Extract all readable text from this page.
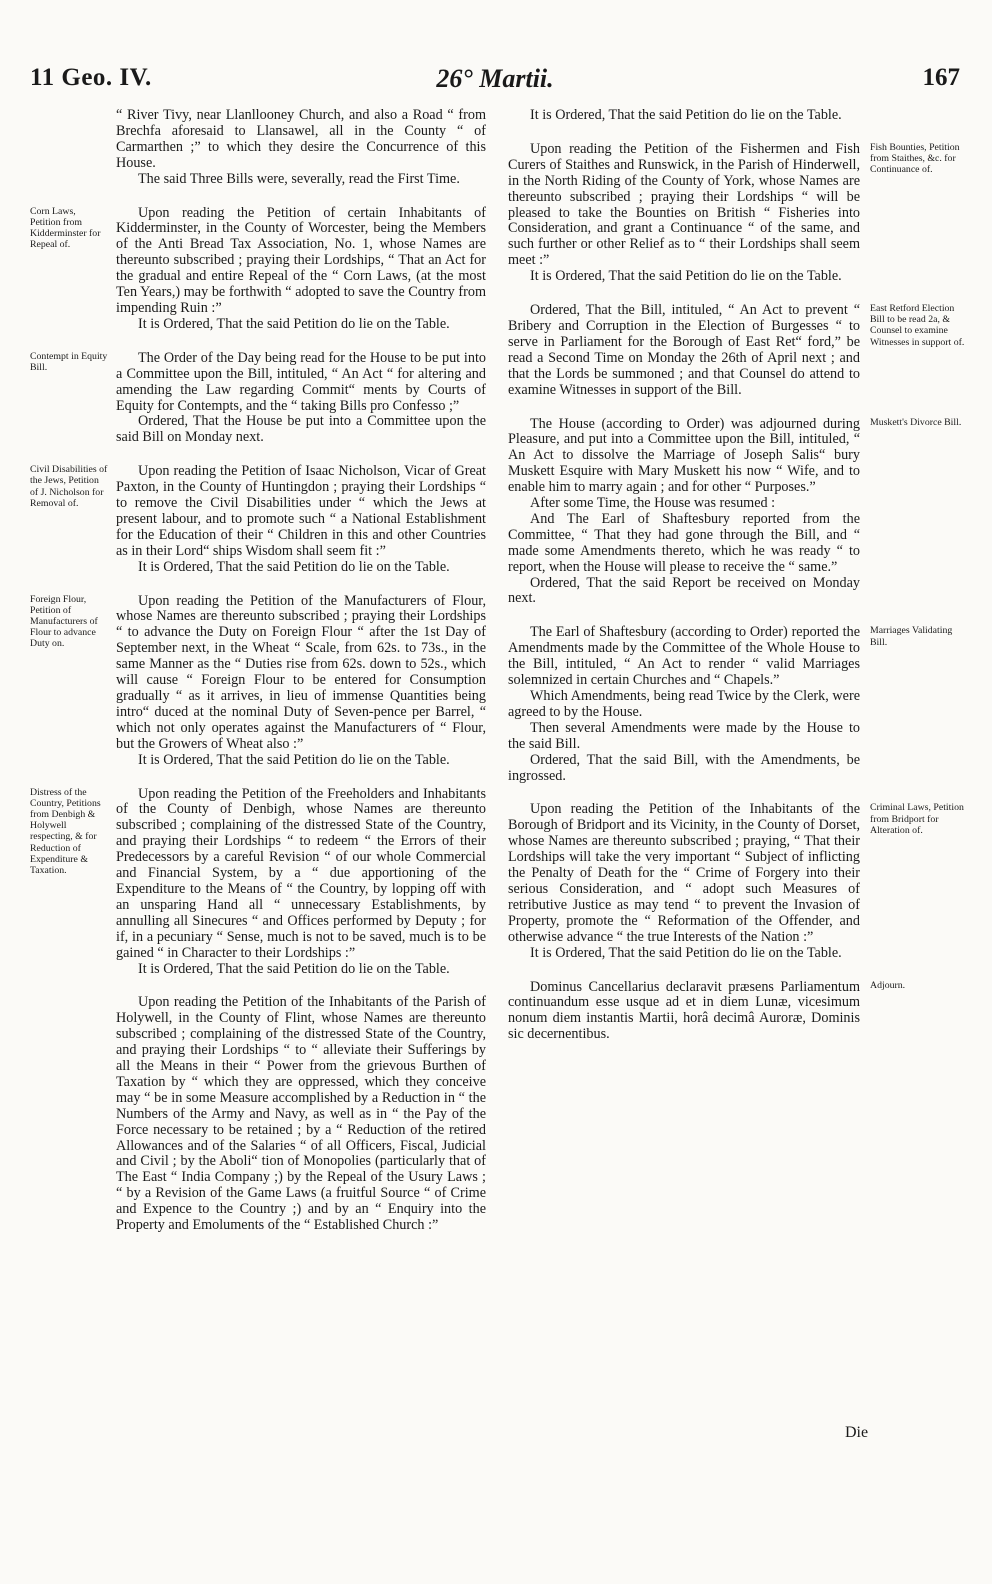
11 Geo. IV.	26° Martii.	167

“ River Tivy, near Llanllooney Church, and also a Road “ from Brechfa aforesaid to Llansawel, all in the County “ of Carmarthen ;” to which they desire the Concurrence of this House.

The said Three Bills were, severally, read the First Time.

Corn Laws, Petition from Kidderminster for Repeal of.

Upon reading the Petition of certain Inhabitants of Kidderminster, in the County of Worcester, being the Members of the Anti Bread Tax Association, No. 1, whose Names are thereunto subscribed ; praying their Lordships, “ That an Act for the gradual and entire Repeal of the “ Corn Laws, (at the most Ten Years,) may be forthwith “ adopted to save the Country from impending Ruin :”

It is Ordered, That the said Petition do lie on the Table.

Contempt in Equity Bill.

The Order of the Day being read for the House to be put into a Committee upon the Bill, intituled, “ An Act “ for altering and amending the Law regarding Commit“ ments by Courts of Equity for Contempts, and the “ taking Bills pro Confesso ;”

Ordered, That the House be put into a Committee upon the said Bill on Monday next.

Civil Disabilities of the Jews, Petition of J. Nicholson for Removal of.

Upon reading the Petition of Isaac Nicholson, Vicar of Great Paxton, in the County of Huntingdon ; praying their Lordships “ to remove the Civil Disabilities under “ which the Jews at present labour, and to promote such “ a National Establishment for the Education of their “ Children in this and other Countries as in their Lord“ ships Wisdom shall seem fit :”

It is Ordered, That the said Petition do lie on the Table.

Foreign Flour, Petition of Manufacturers of Flour to advance Duty on.

Upon reading the Petition of the Manufacturers of Flour, whose Names are thereunto subscribed ; praying their Lordships “ to advance the Duty on Foreign Flour “ after the 1st Day of September next, in the Wheat “ Scale, from 62s. to 73s., in the same Manner as the “ Duties rise from 62s. down to 52s., which will cause “ Foreign Flour to be entered for Consumption gradually “ as it arrives, in lieu of immense Quantities being intro“ duced at the nominal Duty of Seven-pence per Barrel, “ which not only operates against the Manufacturers of “ Flour, but the Growers of Wheat also :”

It is Ordered, That the said Petition do lie on the Table.

Distress of the Country, Petitions from Denbigh & Holywell respecting, & for Reduction of Expenditure & Taxation.

Upon reading the Petition of the Freeholders and Inhabitants of the County of Denbigh, whose Names are thereunto subscribed ; complaining of the distressed State of the Country, and praying their Lordships “ to redeem “ the Errors of their Predecessors by a careful Revision “ of our whole Commercial and Financial System, by a “ due apportioning of the Expenditure to the Means of “ the Country, by lopping off with an unsparing Hand all “ unnecessary Establishments, by annulling all Sinecures “ and Offices performed by Deputy ; for if, in a pecuniary “ Sense, much is not to be saved, much is to be gained “ in Character to their Lordships :”

It is Ordered, That the said Petition do lie on the Table.

Upon reading the Petition of the Inhabitants of the Parish of Holywell, in the County of Flint, whose Names are thereunto subscribed ; complaining of the distressed State of the Country, and praying their Lordships “ to “ alleviate their Sufferings by all the Means in their “ Power from the grievous Burthen of Taxation by “ which they are oppressed, which they conceive may “ be in some Measure accomplished by a Reduction in “ the Numbers of the Army and Navy, as well as in “ the Pay of the Force necessary to be retained ; by a “ Reduction of the retired Allowances and of the Salaries “ of all Officers, Fiscal, Judicial and Civil ; by the Aboli“ tion of Monopolies (particularly that of The East “ India Company ;) by the Repeal of the Usury Laws ; “ by a Revision of the Game Laws (a fruitful Source “ of Crime and Expence to the Country ;) and by an “ Enquiry into the Property and Emoluments of the “ Established Church :”

It is Ordered, That the said Petition do lie on the Table.

Fish Bounties, Petition from Staithes, &c. for Continuance of.

Upon reading the Petition of the Fishermen and Fish Curers of Staithes and Runswick, in the Parish of Hinderwell, in the North Riding of the County of York, whose Names are thereunto subscribed ; praying their Lordships “ will be pleased to take the Bounties on British “ Fisheries into Consideration, and grant a Continuance “ of the same, and such further or other Relief as to “ their Lordships shall seem meet :”

It is Ordered, That the said Petition do lie on the Table.

East Retford Election Bill to be read 2a, & Counsel to examine Witnesses in support of.

Ordered, That the Bill, intituled, “ An Act to prevent “ Bribery and Corruption in the Election of Burgesses “ to serve in Parliament for the Borough of East Ret“ ford,” be read a Second Time on Monday the 26th of April next ; and that the Lords be summoned ; and that Counsel do attend to examine Witnesses in support of the Bill.

Muskett's Divorce Bill.

The House (according to Order) was adjourned during Pleasure, and put into a Committee upon the Bill, intituled, “ An Act to dissolve the Marriage of Joseph Salis“ bury Muskett Esquire with Mary Muskett his now “ Wife, and to enable him to marry again ; and for other “ Purposes.”

After some Time, the House was resumed :

And The Earl of Shaftesbury reported from the Committee, “ That they had gone through the Bill, and “ made some Amendments thereto, which he was ready “ to report, when the House will please to receive the “ same.”

Ordered, That the said Report be received on Monday next.

Marriages Validating Bill.

The Earl of Shaftesbury (according to Order) reported the Amendments made by the Committee of the Whole House to the Bill, intituled, “ An Act to render “ valid Marriages solemnized in certain Churches and “ Chapels.”

Which Amendments, being read Twice by the Clerk, were agreed to by the House.

Then several Amendments were made by the House to the said Bill.

Ordered, That the said Bill, with the Amendments, be ingrossed.

Criminal Laws, Petition from Bridport for Alteration of.

Upon reading the Petition of the Inhabitants of the Borough of Bridport and its Vicinity, in the County of Dorset, whose Names are thereunto subscribed ; praying, “ That their Lordships will take the very important “ Subject of inflicting the Penalty of Death for the “ Crime of Forgery into their serious Consideration, and “ adopt such Measures of retributive Justice as may tend “ to prevent the Invasion of Property, promote the “ Reformation of the Offender, and otherwise advance “ the true Interests of the Nation :”

It is Ordered, That the said Petition do lie on the Table.

Adjourn.

Dominus Cancellarius declaravit præsens Parliamentum continuandum esse usque ad et in diem Lunæ, vicesimum nonum diem instantis Martii, horâ decimâ Auroræ, Dominis sic decernentibus.

Die
